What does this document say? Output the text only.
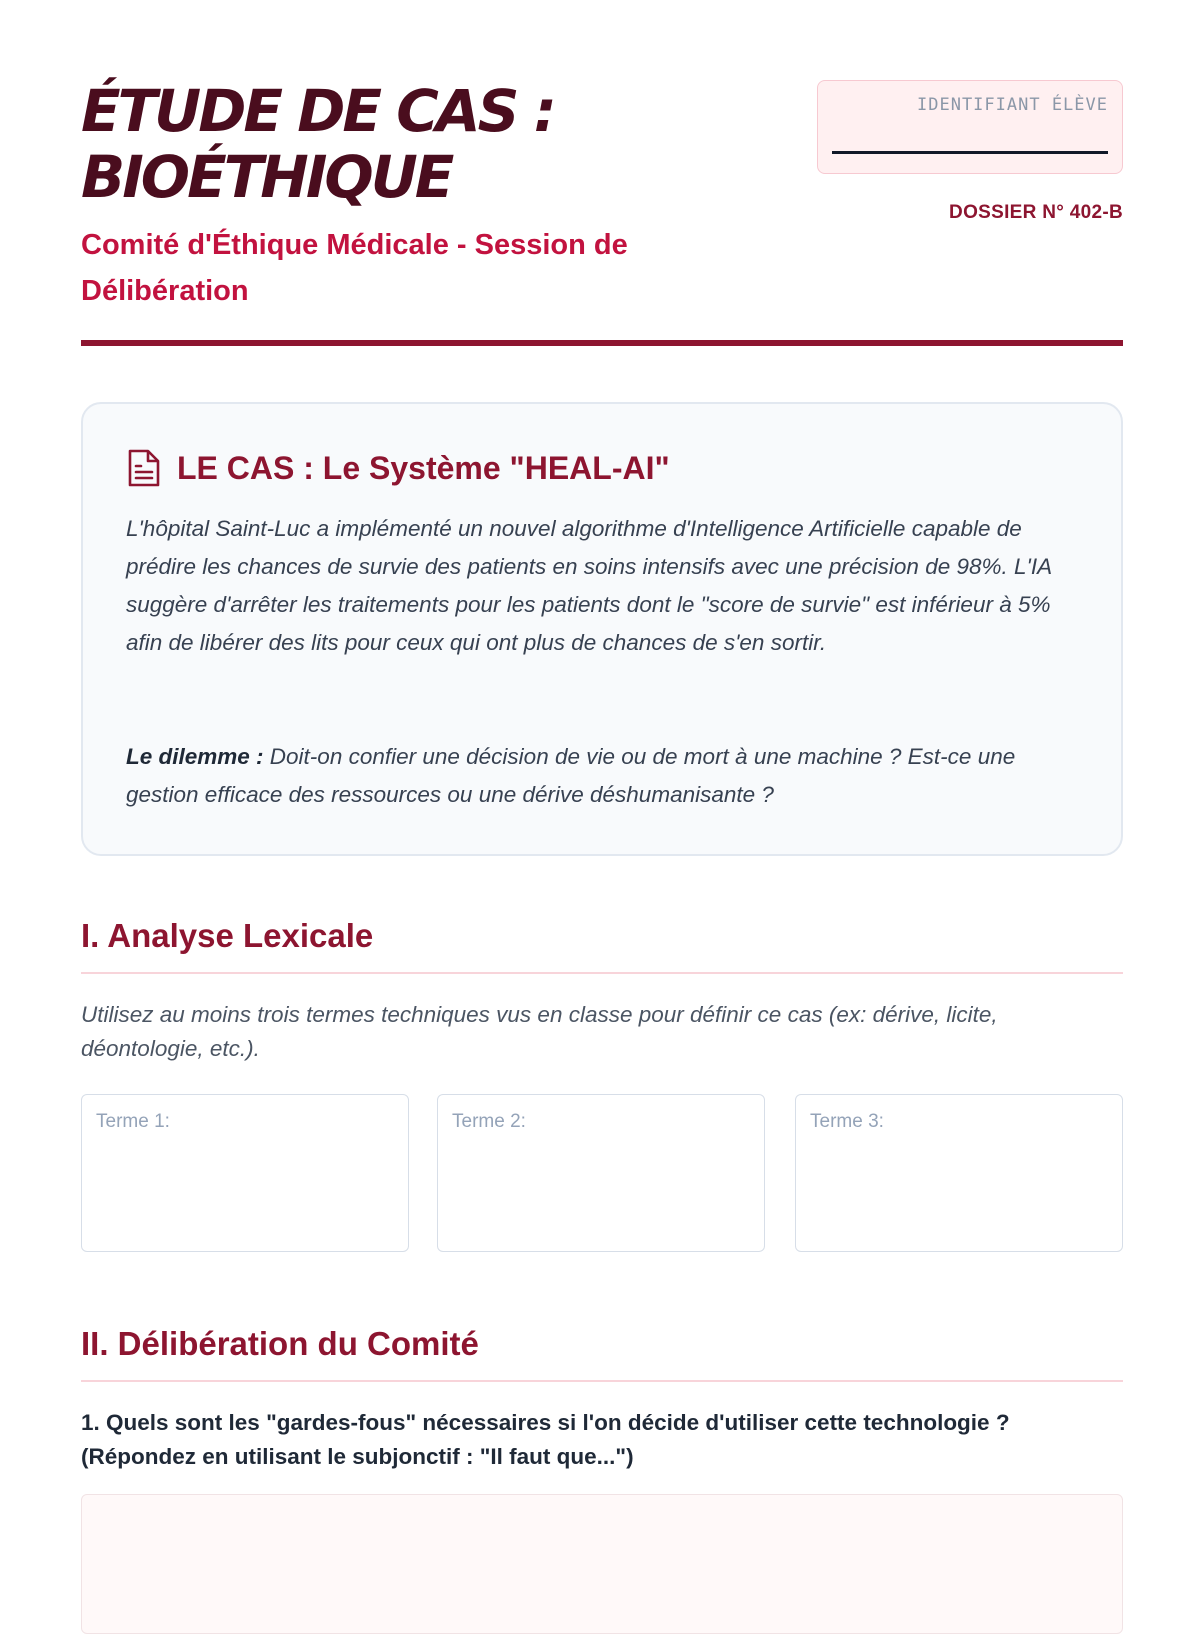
ÉTUDE DE CAS :
BIOÉTHIQUE

Comité d'Éthique Médicale - Session de
Délibération

IDENTIFIANT ÉLÈVE
DOSSIER N° 402-B
LE CAS : Le Système "HEAL-AI"

L'hôpital Saint-Luc a implémenté un nouvel algorithme d'Intelligence Artificielle capable de prédire les chances de survie des patients en soins intensifs avec une précision de 98%. L'IA suggère d'arrêter les traitements pour les patients dont le "score de survie" est inférieur à 5% afin de libérer des lits pour ceux qui ont plus de chances de s'en sortir.

Le dilemme : Doit-on confier une décision de vie ou de mort à une machine ? Est-ce une gestion efficace des ressources ou une dérive déshumanisante ?

I. Analyse Lexicale

Utilisez au moins trois termes techniques vus en classe pour définir ce cas (ex: dérive, licite, déontologie, etc.).

Terme 1:	Terme 2:	Terme 3:
II. Délibération du Comité

1. Quels sont les "gardes-fous" nécessaires si l'on décide d'utiliser cette technologie ? (Répondez en utilisant le subjonctif : "Il faut que...")
